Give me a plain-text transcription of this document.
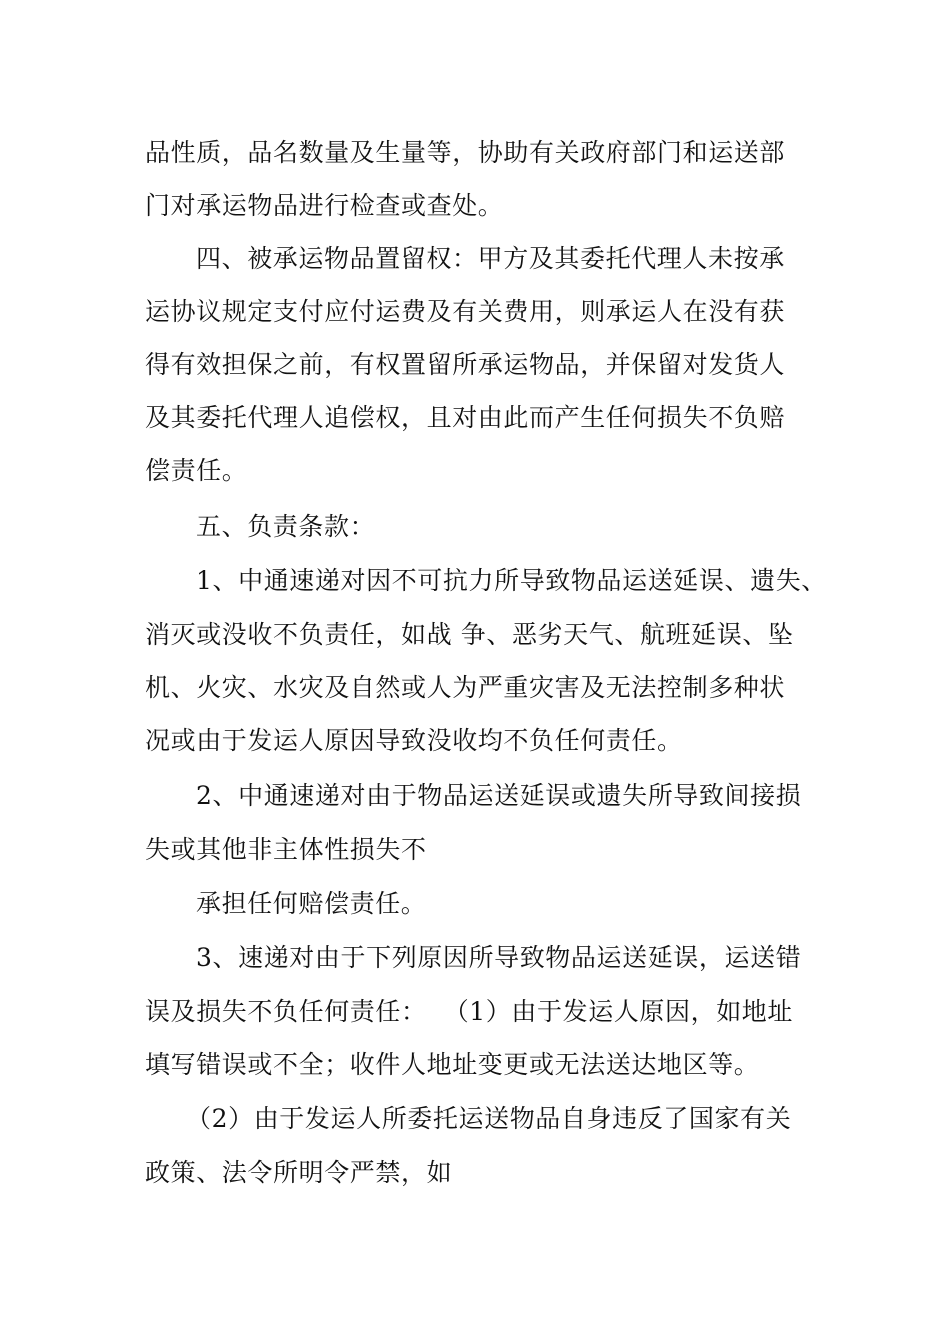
品性质，品名数量及生量等，协助有关政府部门和运送部
门对承运物品进行检查或查处。
四、被承运物品置留权：甲方及其委托代理人未按承
运协议规定支付应付运费及有关费用，则承运人在没有获
得有效担保之前，有权置留所承运物品，并保留对发货人
及其委托代理人追偿权，且对由此而产生任何损失不负赔
偿责任。
五、负责条款：
1、中通速递对因不可抗力所导致物品运送延误、遗失、
消灭或没收不负责任，如战 争、恶劣天气、航班延误、坠
机、火灾、水灾及自然或人为严重灾害及无法控制多种状
况或由于发运人原因导致没收均不负任何责任。
2、中通速递对由于物品运送延误或遗失所导致间接损
失或其他非主体性损失不
承担任何赔偿责任。
3、速递对由于下列原因所导致物品运送延误，运送错
误及损失不负任何责任：  （1）由于发运人原因，如地址
填写错误或不全；收件人地址变更或无法送达地区等。
（2）由于发运人所委托运送物品自身违反了国家有关
政策、法令所明令严禁，如
